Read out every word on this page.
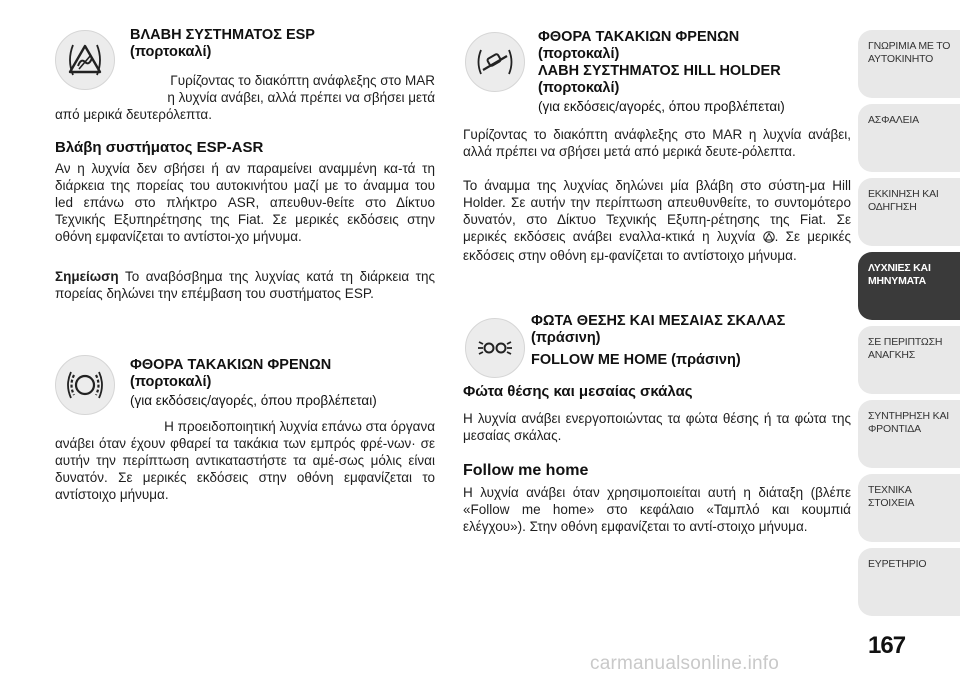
ΒΛΑΒΗ ΣΥΣΤΗΜΑΤΟΣ ESP
(πορτοκαλί)
Γυρίζοντας το διακόπτη ανάφλεξης στο MAR
η λυχνία ανάβει, αλλά πρέπει να σβήσει μετά
από μερικά δευτερόλεπτα.
Βλάβη συστήματος ESP-ASR
Αν η λυχνία δεν σβήσει ή αν παραμείνει αναμμένη κα-τά τη διάρκεια της πορείας του αυτοκινήτου μαζί με το άναμμα του led επάνω στο πλήκτρο ASR, απευθυν-θείτε στο Δίκτυο Τεχνικής Εξυπηρέτησης της Fiat. Σε μερικές εκδόσεις στην οθόνη εμφανίζεται το αντίστοι-χο μήνυμα.
Σημείωση Το αναβόσβημα της λυχνίας κατά τη διάρκεια της πορείας δηλώνει την επέμβαση του συστήματος ESP.
ΦΘΟΡΑ ΤΑΚΑΚΙΩΝ ΦΡΕΝΩΝ
(πορτοκαλί)
(για εκδόσεις/αγορές, όπου προβλέπεται)
Η προειδοποιητική λυχνία επάνω στα όργανα
ανάβει όταν έχουν φθαρεί τα τακάκια των εμπρός φρέ-νων· σε αυτήν την περίπτωση αντικαταστήστε τα αμέ-σως μόλις είναι δυνατόν. Σε μερικές εκδόσεις στην οθόνη εμφανίζεται το αντίστοιχο μήνυμα.
ΦΘΟΡΑ ΤΑΚΑΚΙΩΝ ΦΡΕΝΩΝ
(πορτοκαλί)
ΛΑΒΗ ΣΥΣΤΗΜΑΤΟΣ HILL HOLDER
(πορτοκαλί)
(για εκδόσεις/αγορές, όπου προβλέπεται)
Γυρίζοντας το διακόπτη ανάφλεξης στο MAR η λυχνία ανάβει, αλλά πρέπει να σβήσει μετά από μερικά δευτε-ρόλεπτα.
Το άναμμα της λυχνίας δηλώνει μία βλάβη στο σύστη-μα Hill Holder. Σε αυτήν την περίπτωση απευθυνθείτε, το συντομότερο δυνατόν, στο Δίκτυο Τεχνικής Εξυπη-ρέτησης της Fiat. Σε μερικές εκδόσεις ανάβει εναλλα-κτικά η λυχνία . Σε μερικές εκδόσεις στην οθόνη εμ-φανίζεται το αντίστοιχο μήνυμα.
ΦΩΤΑ ΘΕΣΗΣ ΚΑΙ ΜΕΣΑΙΑΣ ΣΚΑΛΑΣ
(πράσινη)
FOLLOW ME HOME (πράσινη)
Φώτα θέσης και μεσαίας σκάλας
Η λυχνία ανάβει ενεργοποιώντας τα φώτα θέσης ή τα φώτα της μεσαίας σκάλας.
Follow me home
Η λυχνία ανάβει όταν χρησιμοποιείται αυτή η διάταξη (βλέπε «Follow me home» στο κεφάλαιο «Ταμπλό και κουμπιά ελέγχου»). Στην οθόνη εμφανίζεται το αντί-στοιχο μήνυμα.
ΓΝΩΡΙΜΙΑ ΜΕ ΤΟ ΑΥΤΟΚΙΝΗΤΟ
ΑΣΦΑΛΕΙΑ
ΕΚΚΙΝΗΣΗ ΚΑΙ ΟΔΗΓΗΣΗ
ΛΥΧΝΙΕΣ ΚΑΙ ΜΗΝΥΜΑΤΑ
ΣΕ ΠΕΡΙΠΤΩΣΗ ΑΝΑΓΚΗΣ
ΣΥΝΤΗΡΗΣΗ ΚΑΙ ΦΡΟΝΤΙΔΑ
ΤΕΧΝΙΚΑ ΣΤΟΙΧΕΙΑ
ΕΥΡΕΤΗΡΙΟ
167
carmanualsonline.info
